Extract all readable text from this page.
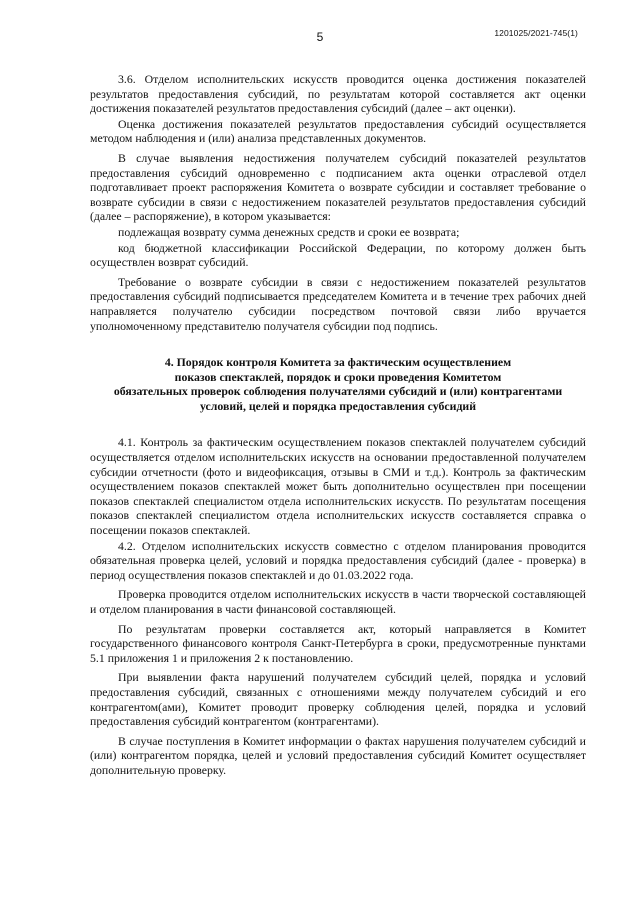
1201025/2021-745(1)
5

3.6. Отделом исполнительских искусств проводится оценка достижения показателей результатов предоставления субсидий, по результатам которой составляется акт оценки достижения показателей результатов предоставления субсидий (далее – акт оценки).

Оценка достижения показателей результатов предоставления субсидий осуществляется методом наблюдения и (или) анализа представленных документов.

В случае выявления недостижения получателем субсидий показателей результатов предоставления субсидий одновременно с подписанием акта оценки отраслевой отдел подготавливает проект распоряжения Комитета о возврате субсидии и составляет требование о возврате субсидии в связи с недостижением показателей результатов предоставления субсидий (далее – распоряжение), в котором указывается:

подлежащая возврату сумма денежных средств и сроки ее возврата;

код бюджетной классификации Российской Федерации, по которому должен быть осуществлен возврат субсидий.

Требование о возврате субсидии в связи с недостижением показателей результатов предоставления субсидий подписывается председателем Комитета и в течение трех рабочих дней направляется получателю субсидии посредством почтовой связи либо вручается уполномоченному представителю получателя субсидии под подпись.

4. Порядок контроля Комитета за фактическим осуществлением
показов спектаклей, порядок и сроки проведения Комитетом
обязательных проверок соблюдения получателями субсидий и (или) контрагентами
условий, целей и порядка предоставления субсидий

4.1. Контроль за фактическим осуществлением показов спектаклей получателем субсидий осуществляется отделом исполнительских искусств на основании предоставленной получателем субсидии отчетности (фото и видеофиксация, отзывы в СМИ и т.д.). Контроль за фактическим осуществлением показов спектаклей может быть дополнительно осуществлен при посещении показов спектаклей специалистом отдела исполнительских искусств. По результатам посещения показов спектаклей специалистом отдела исполнительских искусств составляется справка о посещении показов спектаклей.

4.2. Отделом исполнительских искусств совместно с отделом планирования проводится обязательная проверка целей, условий и порядка предоставления субсидий (далее - проверка) в период осуществления показов спектаклей и до 01.03.2022 года.

Проверка проводится отделом исполнительских искусств в части творческой составляющей и отделом планирования в части финансовой составляющей.

По результатам проверки составляется акт, который направляется в Комитет государственного финансового контроля Санкт-Петербурга в сроки, предусмотренные пунктами 5.1 приложения 1 и приложения 2 к постановлению.

При выявлении факта нарушений получателем субсидий целей, порядка и условий предоставления субсидий, связанных с отношениями между получателем субсидий и его контрагентом(ами), Комитет проводит проверку соблюдения целей, порядка и условий предоставления субсидий контрагентом (контрагентами).

В случае поступления в Комитет информации о фактах нарушения получателем субсидий и (или) контрагентом порядка, целей и условий предоставления субсидий Комитет осуществляет дополнительную проверку.
